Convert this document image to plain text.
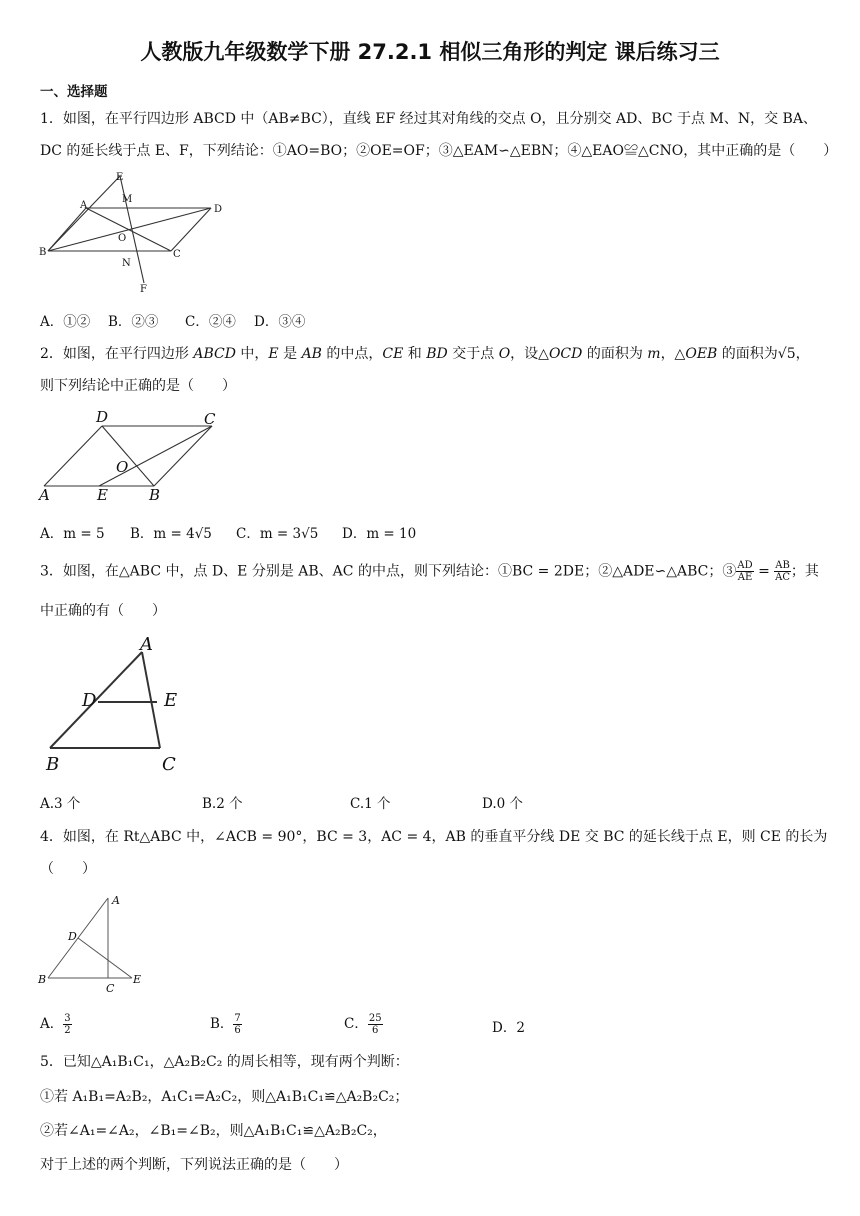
人教版九年级数学下册 27.2.1 相似三角形的判定 课后练习三
一、选择题
1．如图，在平行四边形 ABCD 中（AB≠BC），直线 EF 经过其对角线的交点 O，且分别交 AD、BC 于点 M、N，交 BA、
DC 的延长线于点 E、F，下列结论：①AO=BO；②OE=OF；③△EAM∽△EBN；④△EAO≌△CNO，其中正确的是（　　）
E
A
M
D
O
B
N
C
F
A．①② B．②③ C．②④ D．③④
2．如图，在平行四边形 ABCD 中，E 是 AB 的中点，CE 和 BD 交于点 O，设△OCD 的面积为 m，△OEB 的面积为√5，
则下列结论中正确的是（　　）
D	C
O
A	E	B
A．m = 5 B．m = 4√5 C．m = 3√5 D．m = 10
3．如图，在△ABC 中，点 D、E 分别是 AB、AC 的中点，则下列结论：①BC = 2DE；②△ADE∽△ABC；③ $\frac{AD}{AE} = \frac{AB}{AC}$ ；其
中正确的有（　　）
A
D	E
B	C
A.3 个	B.2 个	C.1 个	D.0 个
4．如图，在 Rt△ABC 中，∠ACB = 90°，BC = 3，AC = 4，AB 的垂直平分线 DE 交 BC 的延长线于点 E，则 CE 的长为
（　　）
A
D
B
C
E
A． $\frac{3}{2}$	B． $\frac{7}{6}$	C． $\frac{25}{6}$	D．2
5．已知△A₁B₁C₁，△A₂B₂C₂ 的周长相等，现有两个判断：
①若 A₁B₁=A₂B₂，A₁C₁=A₂C₂，则△A₁B₁C₁≌△A₂B₂C₂；
②若∠A₁=∠A₂，∠B₁=∠B₂，则△A₁B₁C₁≌△A₂B₂C₂，
对于上述的两个判断，下列说法正确的是（　　）
